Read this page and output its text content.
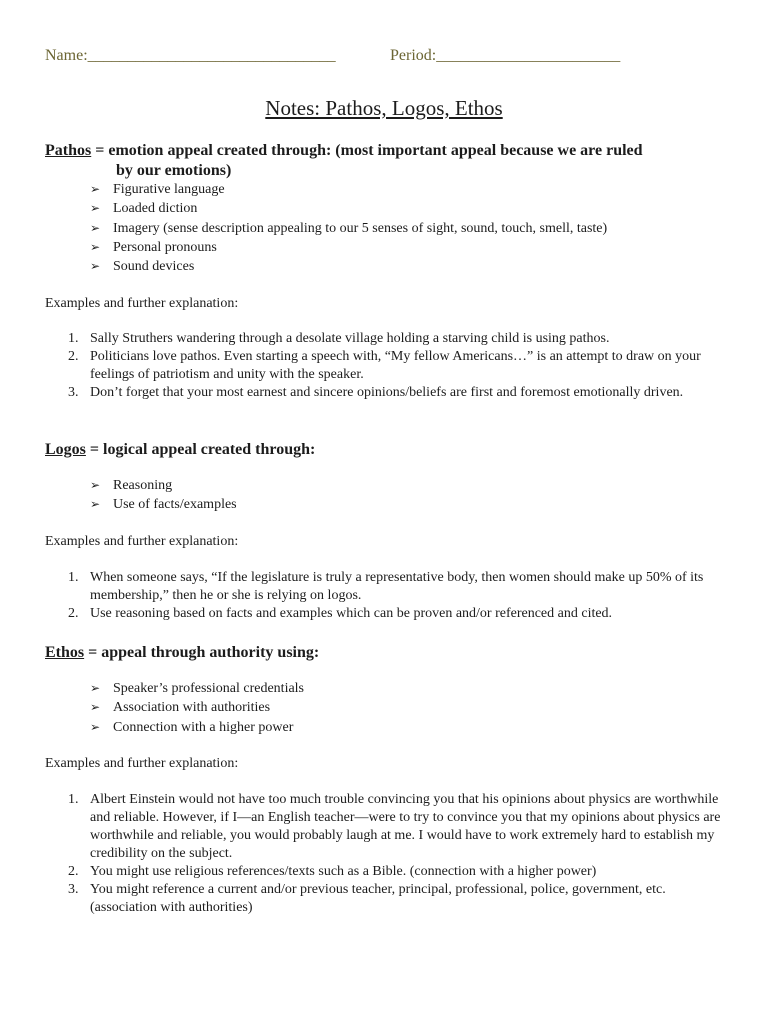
Name:_______________________________	Period:_______________________
Notes: Pathos, Logos, Ethos
Pathos = emotion appeal created through: (most important appeal because we are ruled
by our emotions)
➢ Figurative language
➢ Loaded diction
➢ Imagery (sense description appealing to our 5 senses of sight, sound, touch, smell, taste)
➢ Personal pronouns
➢ Sound devices
Examples and further explanation:
1. Sally Struthers wandering through a desolate village holding a starving child is using pathos.
2. Politicians love pathos. Even starting a speech with, “My fellow Americans…” is an attempt to draw on your feelings of patriotism and unity with the speaker.
3. Don’t forget that your most earnest and sincere opinions/beliefs are first and foremost emotionally driven.
Logos = logical appeal created through:
➢ Reasoning
➢ Use of facts/examples
Examples and further explanation:
1. When someone says, “If the legislature is truly a representative body, then women should make up 50% of its membership,” then he or she is relying on logos.
2. Use reasoning based on facts and examples which can be proven and/or referenced and cited.
Ethos = appeal through authority using:
➢ Speaker’s professional credentials
➢ Association with authorities
➢ Connection with a higher power
Examples and further explanation:
1. Albert Einstein would not have too much trouble convincing you that his opinions about physics are worthwhile and reliable. However, if I—an English teacher—were to try to convince you that my opinions about physics are worthwhile and reliable, you would probably laugh at me. I would have to work extremely hard to establish my credibility on the subject.
2. You might use religious references/texts such as a Bible. (connection with a higher power)
3. You might reference a current and/or previous teacher, principal, professional, police, government, etc. (association with authorities)
